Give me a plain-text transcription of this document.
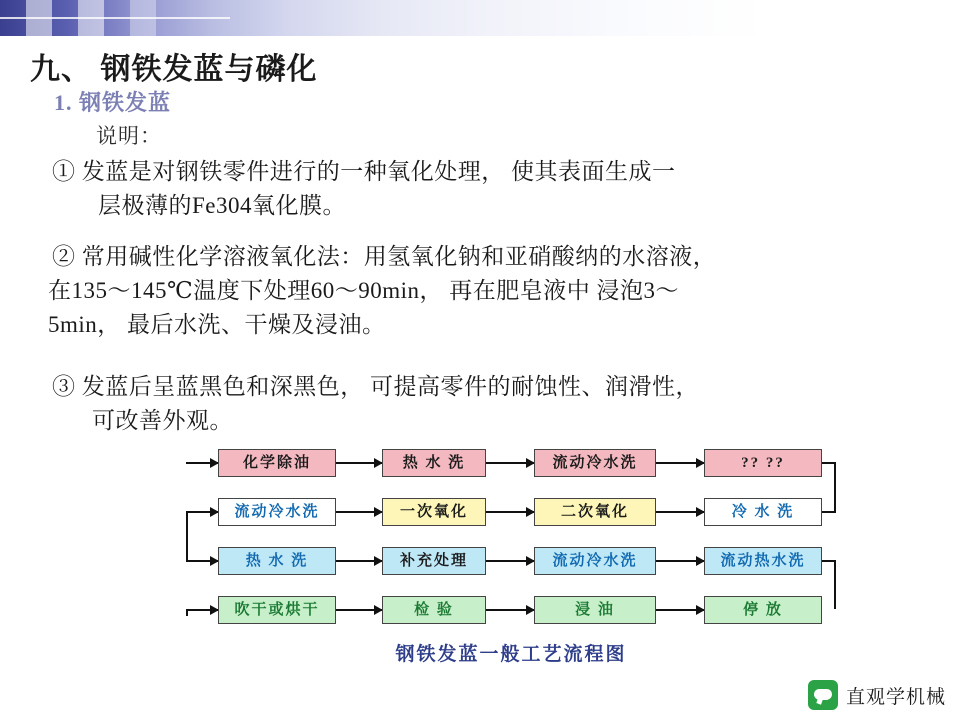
九、 钢铁发蓝与磷化
1. 钢铁发蓝
说明：
① 发蓝是对钢铁零件进行的一种氧化处理， 使其表面生成一
层极薄的Fe304氧化膜。
② 常用碱性化学溶液氧化法：用氢氧化钠和亚硝酸纳的水溶液，
在135～145℃温度下处理60～90min， 再在肥皂液中 浸泡3～
5min， 最后水洗、干燥及浸油。
③ 发蓝后呈蓝黑色和深黑色， 可提高零件的耐蚀性、润滑性，
可改善外观。
化学除油	热 水 洗	流动冷水洗	?? ??
流动冷水洗	一次氧化	二次氧化	冷 水 洗
热 水 洗	补充处理	流动冷水洗	流动热水洗
吹干或烘干	检 验	浸 油	停 放
钢铁发蓝一般工艺流程图
直观学机械
